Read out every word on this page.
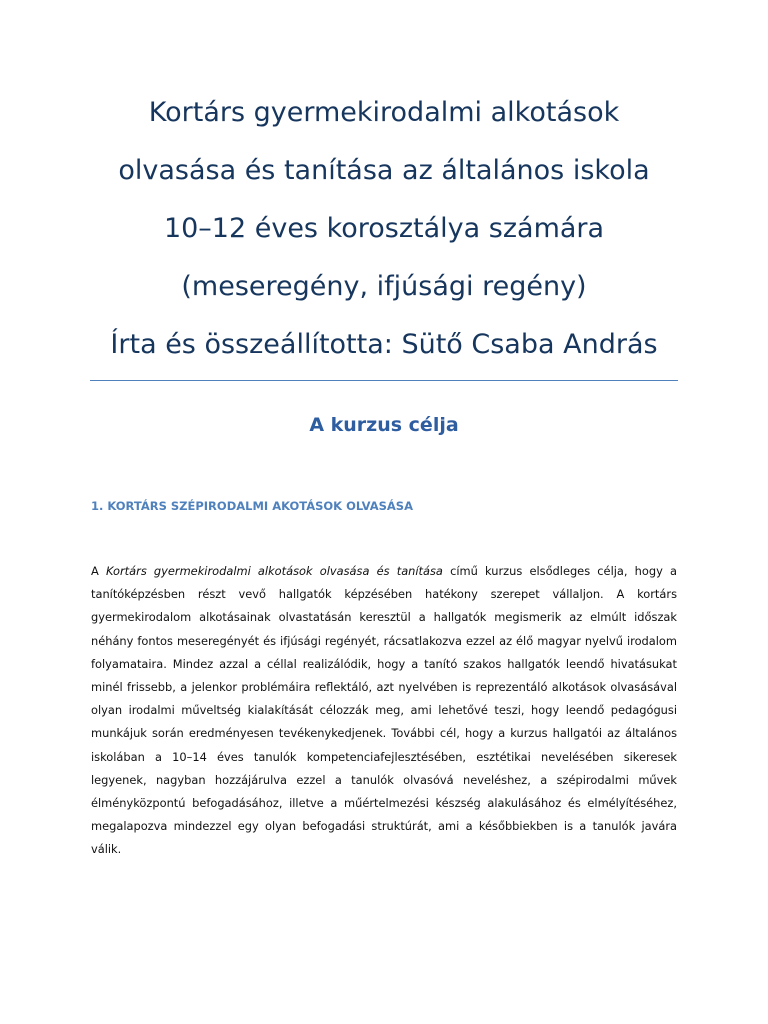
Kortárs gyermekirodalmi alkotások
olvasása és tanítása az általános iskola
10–12 éves korosztálya számára
(meseregény, ifjúsági regény)
Írta és összeállította: Sütő Csaba András
A kurzus célja
1. KORTÁRS SZÉPIRODALMI AKOTÁSOK OLVASÁSA

A Kortárs gyermekirodalmi alkotások olvasása és tanítása című kurzus elsődleges célja, hogy a tanítóképzésben részt vevő hallgatók képzésében hatékony szerepet vállaljon. A kortárs gyermekirodalom alkotásainak olvastatásán keresztül a hallgatók megismerik az elmúlt időszak néhány fontos meseregényét és ifjúsági regényét, rácsatlakozva ezzel az élő magyar nyelvű irodalom folyamataira. Mindez azzal a céllal realizálódik, hogy a tanító szakos hallgatók leendő hivatásukat minél frissebb, a jelenkor problémáira reflektáló, azt nyelvében is reprezentáló alkotások olvasásával olyan irodalmi műveltség kialakítását célozzák meg, ami lehetővé teszi, hogy leendő pedagógusi munkájuk során eredményesen tevékenykedjenek. További cél, hogy a kurzus hallgatói az általános iskolában a 10–14 éves tanulók kompetenciafejlesztésében, esztétikai nevelésében sikeresek legyenek, nagyban hozzájárulva ezzel a tanulók olvasóvá neveléshez, a szépirodalmi művek élményközpontú befogadásához, illetve a műértelmezési készség alakulásához és elmélyítéséhez, megalapozva mindezzel egy olyan befogadási struktúrát, ami a későbbiekben is a tanulók javára válik.
